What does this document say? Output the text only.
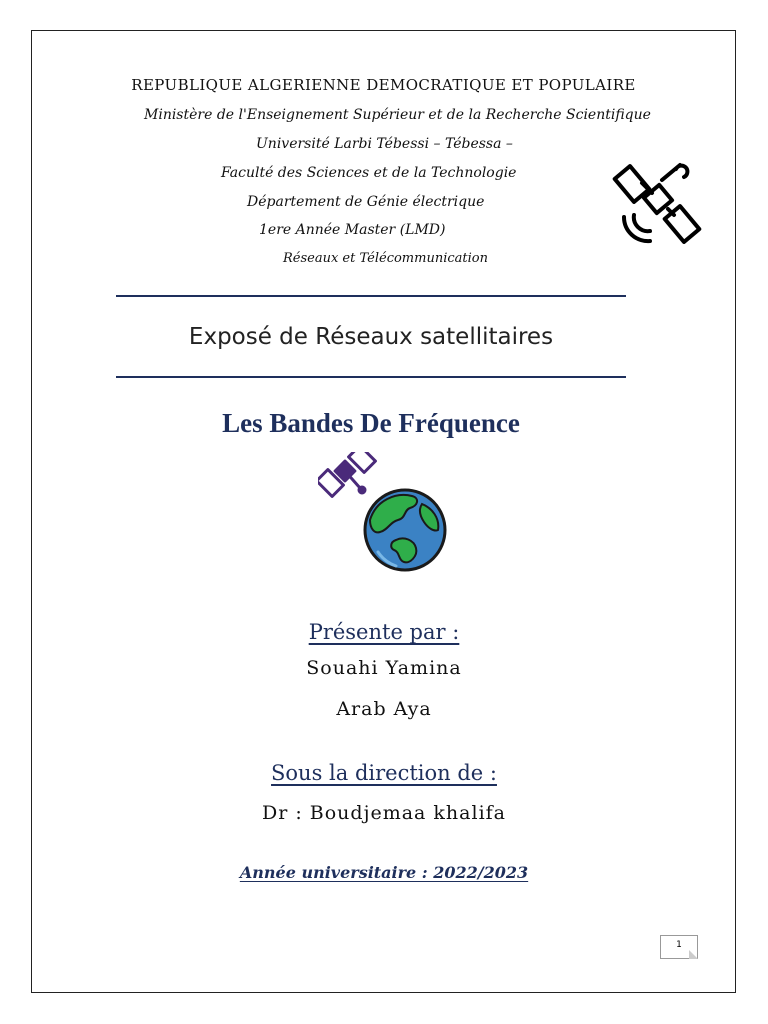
REPUBLIQUE ALGERIENNE DEMOCRATIQUE ET POPULAIRE
Ministère de l'Enseignement Supérieur et de la Recherche Scientifique
Université Larbi Tébessi – Tébessa –
Faculté des Sciences et de la Technologie
Département de Génie électrique
1ere Année Master (LMD)
Réseaux et Télécommunication
Exposé de Réseaux satellitaires
Les Bandes De Fréquence
Présente par :
Souahi Yamina
Arab Aya
Sous la direction de :
Dr : Boudjemaa khalifa
Année universitaire : 2022/2023
1
